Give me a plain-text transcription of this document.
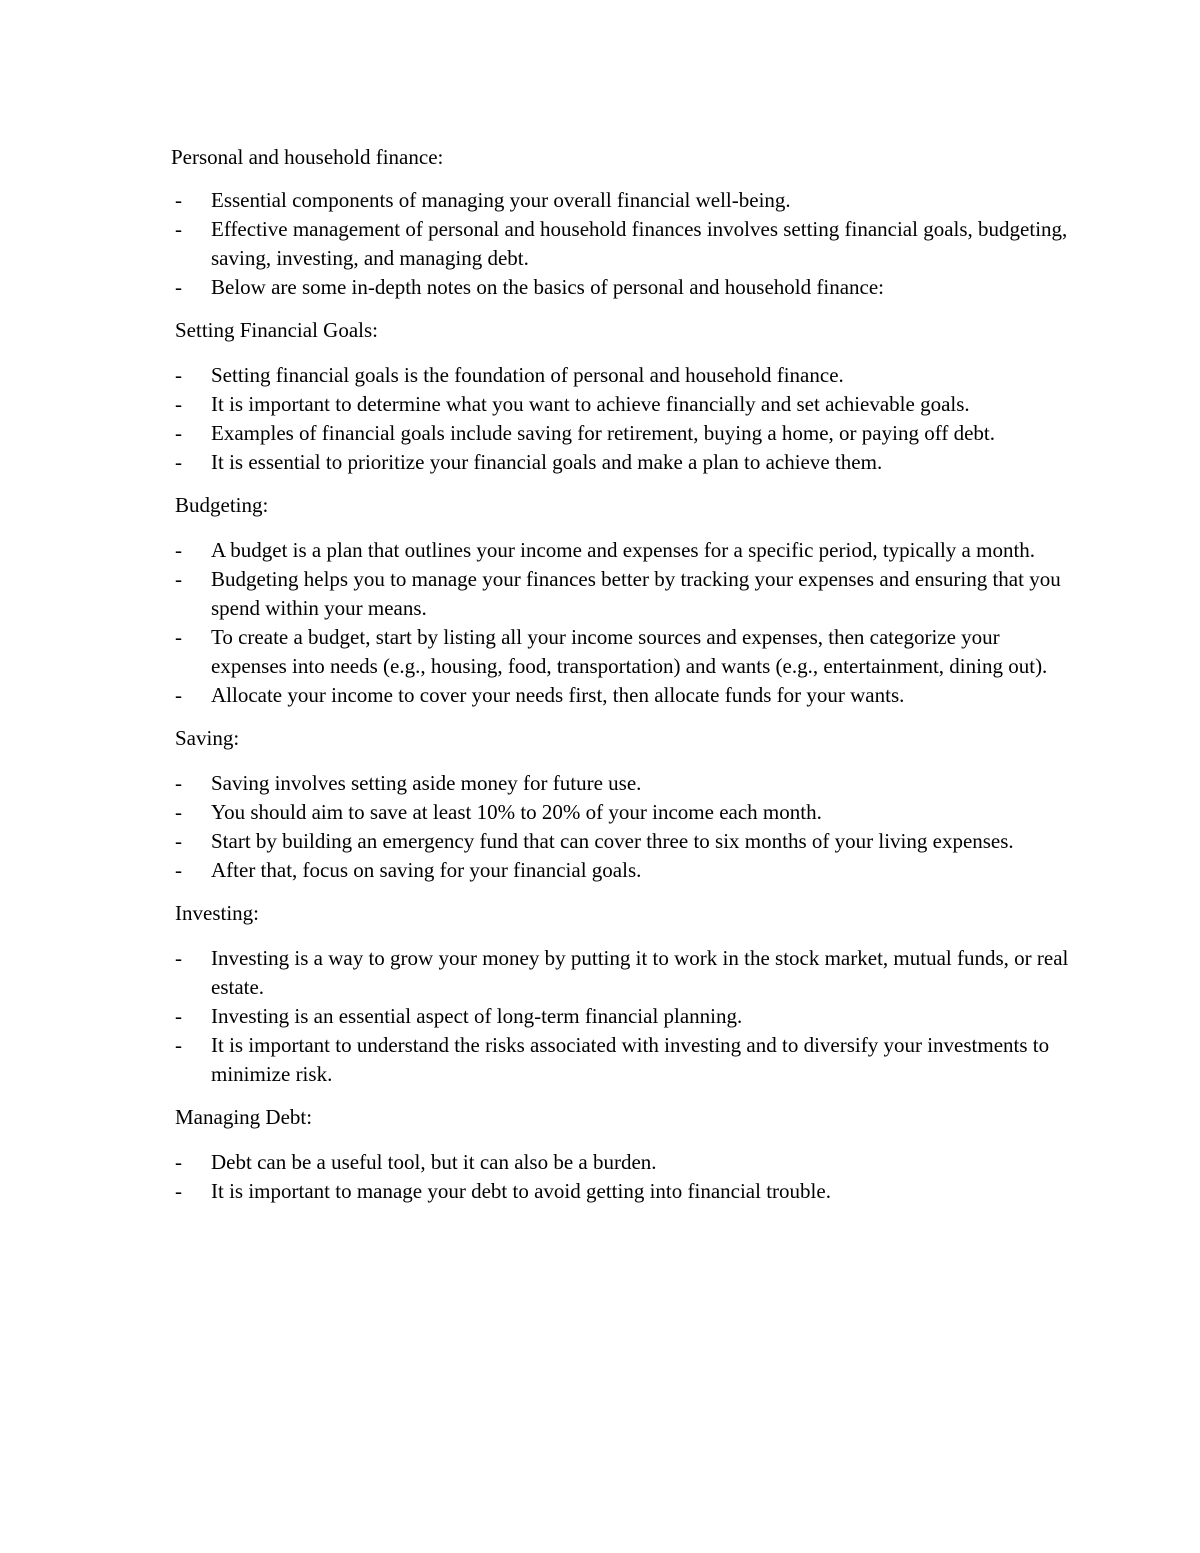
Personal and household finance:
- Essential components of managing your overall financial well-being.
- Effective management of personal and household finances involves setting financial goals, budgeting, saving, investing, and managing debt.
- Below are some in-depth notes on the basics of personal and household finance:
Setting Financial Goals:
- Setting financial goals is the foundation of personal and household finance.
- It is important to determine what you want to achieve financially and set achievable goals.
- Examples of financial goals include saving for retirement, buying a home, or paying off debt.
- It is essential to prioritize your financial goals and make a plan to achieve them.
Budgeting:
- A budget is a plan that outlines your income and expenses for a specific period, typically a month.
- Budgeting helps you to manage your finances better by tracking your expenses and ensuring that you spend within your means.
- To create a budget, start by listing all your income sources and expenses, then categorize your expenses into needs (e.g., housing, food, transportation) and wants (e.g., entertainment, dining out).
- Allocate your income to cover your needs first, then allocate funds for your wants.
Saving:
- Saving involves setting aside money for future use.
- You should aim to save at least 10% to 20% of your income each month.
- Start by building an emergency fund that can cover three to six months of your living expenses.
- After that, focus on saving for your financial goals.
Investing:
- Investing is a way to grow your money by putting it to work in the stock market, mutual funds, or real estate.
- Investing is an essential aspect of long-term financial planning.
- It is important to understand the risks associated with investing and to diversify your investments to minimize risk.
Managing Debt:
- Debt can be a useful tool, but it can also be a burden.
- It is important to manage your debt to avoid getting into financial trouble.
